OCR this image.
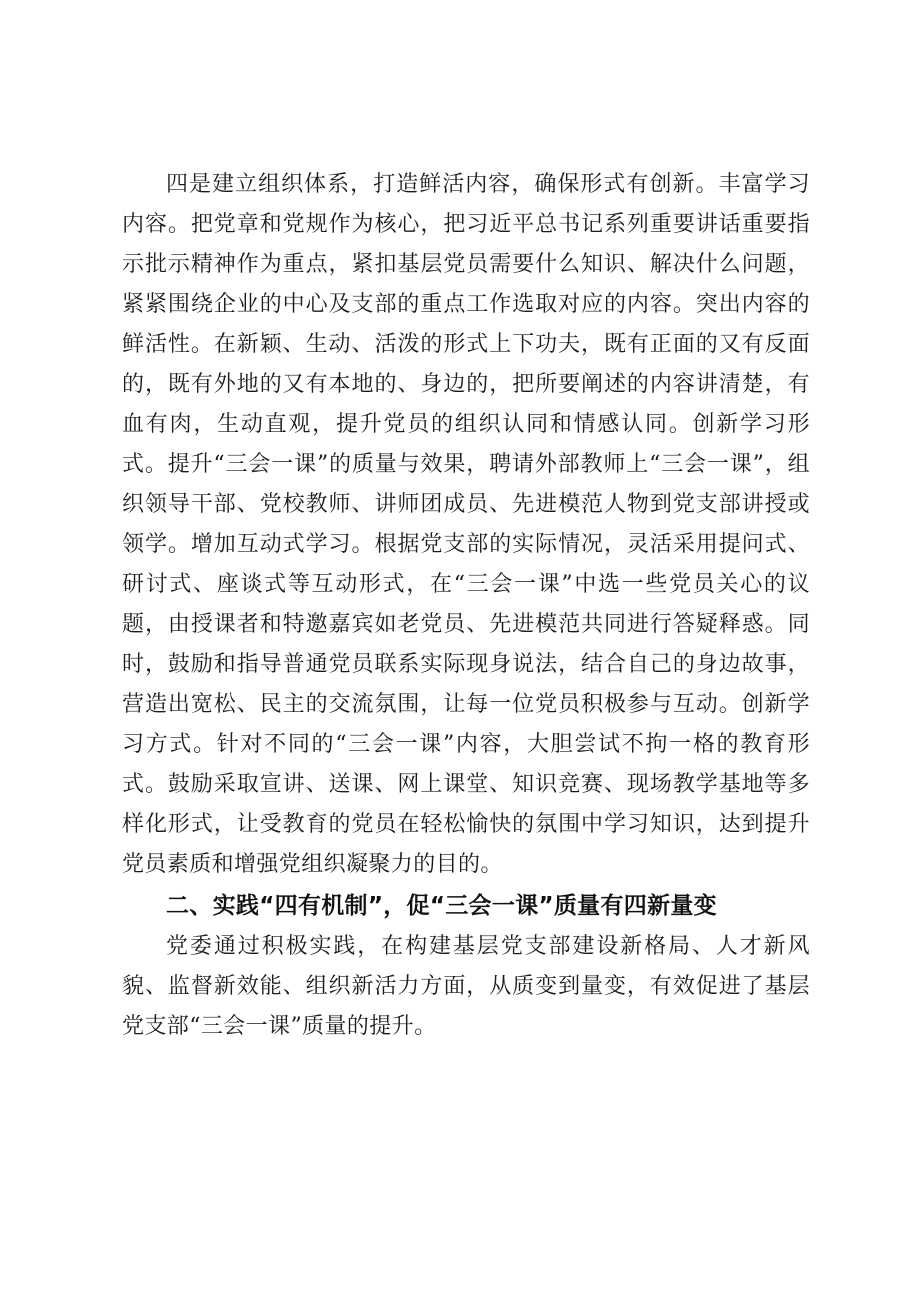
四是建立组织体系，打造鲜活内容，确保形式有创新。丰富学习内容。把党章和党规作为核心，把习近平总书记系列重要讲话重要指示批示精神作为重点，紧扣基层党员需要什么知识、解决什么问题，紧紧围绕企业的中心及支部的重点工作选取对应的内容。突出内容的鲜活性。在新颖、生动、活泼的形式上下功夫，既有正面的又有反面的，既有外地的又有本地的、身边的，把所要阐述的内容讲清楚，有血有肉，生动直观，提升党员的组织认同和情感认同。创新学习形式。提升“三会一课”的质量与效果，聘请外部教师上“三会一课”，组织领导干部、党校教师、讲师团成员、先进模范人物到党支部讲授或领学。增加互动式学习。根据党支部的实际情况，灵活采用提问式、研讨式、座谈式等互动形式，在“三会一课”中选一些党员关心的议题，由授课者和特邀嘉宾如老党员、先进模范共同进行答疑释惑。同时，鼓励和指导普通党员联系实际现身说法，结合自己的身边故事，营造出宽松、民主的交流氛围，让每一位党员积极参与互动。创新学习方式。针对不同的“三会一课”内容，大胆尝试不拘一格的教育形式。鼓励采取宣讲、送课、网上课堂、知识竞赛、现场教学基地等多样化形式，让受教育的党员在轻松愉快的氛围中学习知识，达到提升党员素质和增强党组织凝聚力的目的。

二、实践“四有机制”，促“三会一课”质量有四新量变

党委通过积极实践，在构建基层党支部建设新格局、人才新风貌、监督新效能、组织新活力方面，从质变到量变，有效促进了基层党支部“三会一课”质量的提升。
